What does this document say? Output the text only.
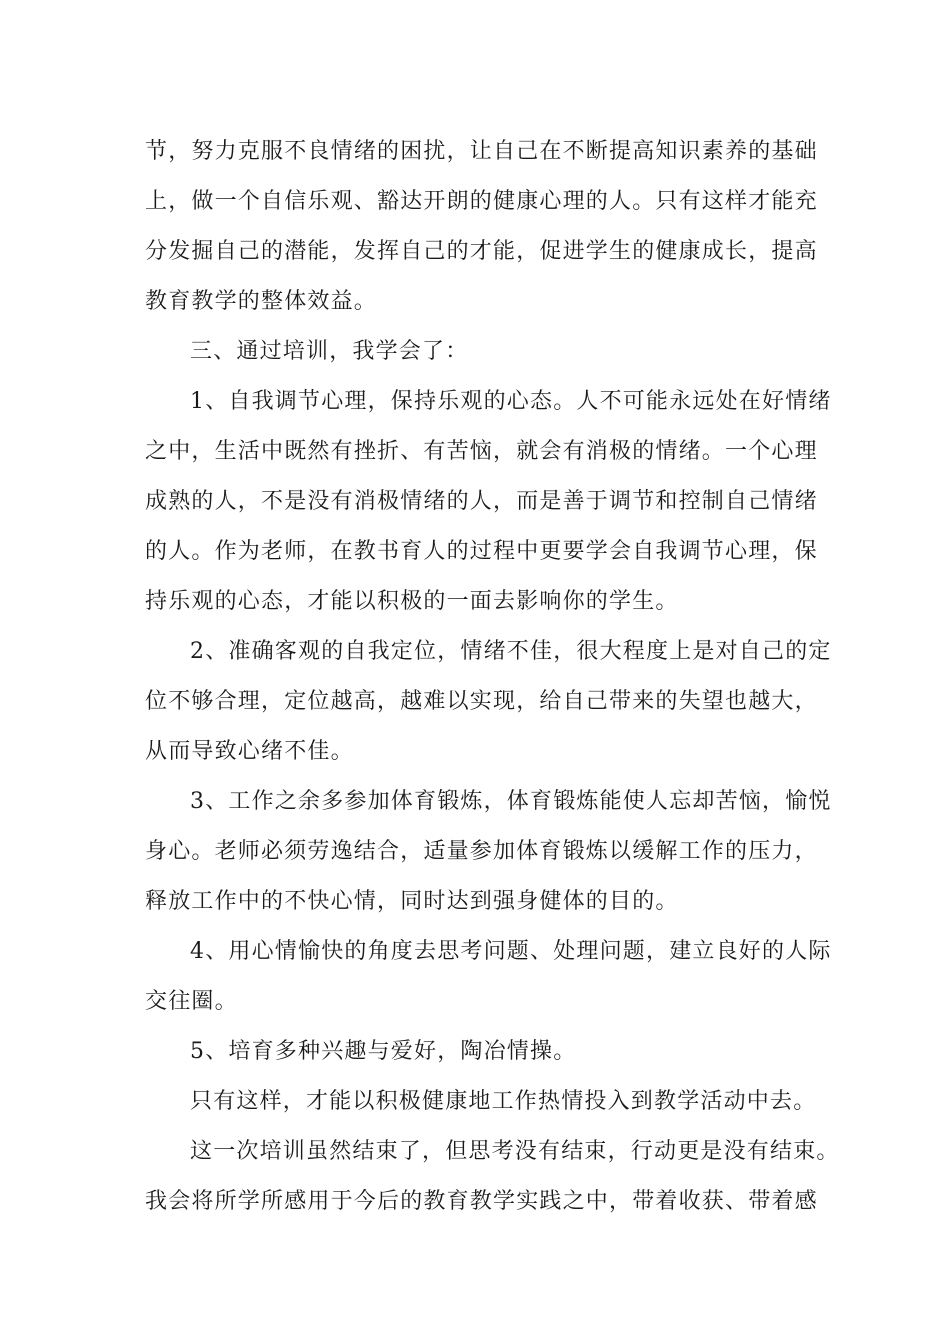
节，努力克服不良情绪的困扰，让自己在不断提高知识素养的基础

上，做一个自信乐观、豁达开朗的健康心理的人。只有这样才能充

分发掘自己的潜能，发挥自己的才能，促进学生的健康成长，提高

教育教学的整体效益。

三、通过培训，我学会了：

1、自我调节心理，保持乐观的心态。人不可能永远处在好情绪

之中，生活中既然有挫折、有苦恼，就会有消极的情绪。一个心理

成熟的人，不是没有消极情绪的人，而是善于调节和控制自己情绪

的人。作为老师，在教书育人的过程中更要学会自我调节心理，保

持乐观的心态，才能以积极的一面去影响你的学生。

2、准确客观的自我定位，情绪不佳，很大程度上是对自己的定

位不够合理，定位越高，越难以实现，给自己带来的失望也越大，

从而导致心绪不佳。

3、工作之余多参加体育锻炼，体育锻炼能使人忘却苦恼，愉悦

身心。老师必须劳逸结合，适量参加体育锻炼以缓解工作的压力，

释放工作中的不快心情，同时达到强身健体的目的。

4、用心情愉快的角度去思考问题、处理问题，建立良好的人际

交往圈。

5、培育多种兴趣与爱好，陶冶情操。

只有这样，才能以积极健康地工作热情投入到教学活动中去。

这一次培训虽然结束了，但思考没有结束，行动更是没有结束。

我会将所学所感用于今后的教育教学实践之中，带着收获、带着感
